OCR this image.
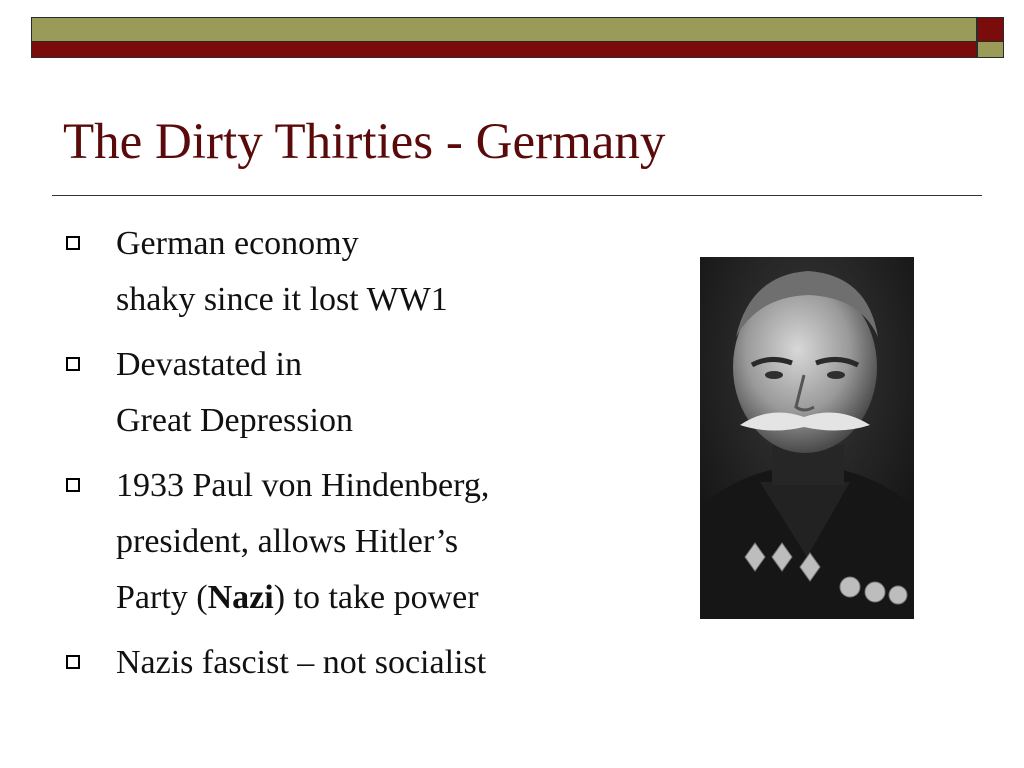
The Dirty Thirties - Germany
German economy
shaky since it lost WW1
Devastated in
Great Depression
1933 Paul von Hindenberg,
president, allows Hitler’s
Party (Nazi) to take power
Nazis fascist – not socialist
